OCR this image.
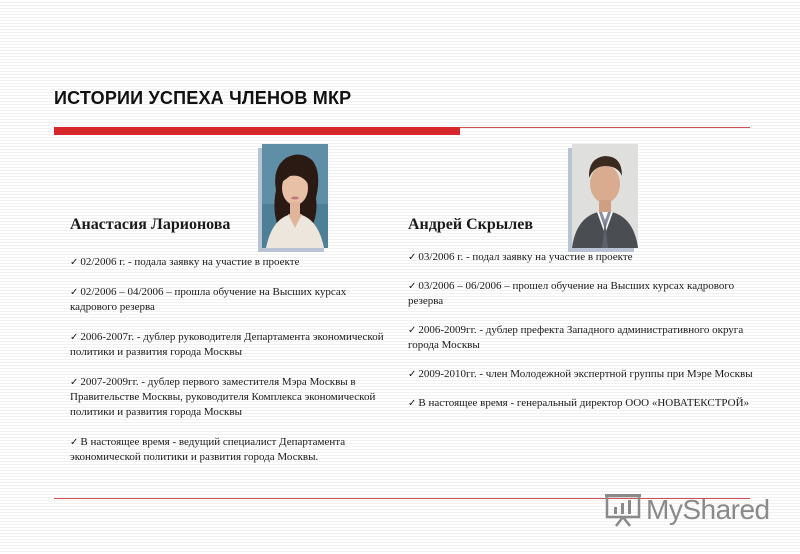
ИСТОРИИ УСПЕХА ЧЛЕНОВ МКР
Анастасия Ларионова
✓ 02/2006 г. - подала заявку на участие в проекте
✓ 02/2006 – 04/2006 – прошла обучение на Высших курсах кадрового резерва
✓ 2006-2007г. - дублер руководителя Департамента экономической политики и развития города Москвы
✓ 2007-2009гг. - дублер первого заместителя Мэра Москвы в Правительстве Москвы, руководителя Комплекса экономической политики и развития города Москвы
✓ В настоящее время - ведущий специалист Департамента экономической политики и развития города Москвы.
Андрей Скрылев
✓ 03/2006 г. - подал заявку на участие в проекте
✓ 03/2006 – 06/2006 – прошел обучение на Высших курсах кадрового резерва
✓ 2006-2009гг. - дублер префекта Западного административного округа города Москвы
✓ 2009-2010гг. - член Молодежной экспертной группы при Мэре Москвы
✓ В настоящее время - генеральный директор ООО «НОВАТЕКСТРОЙ»
MyShared
